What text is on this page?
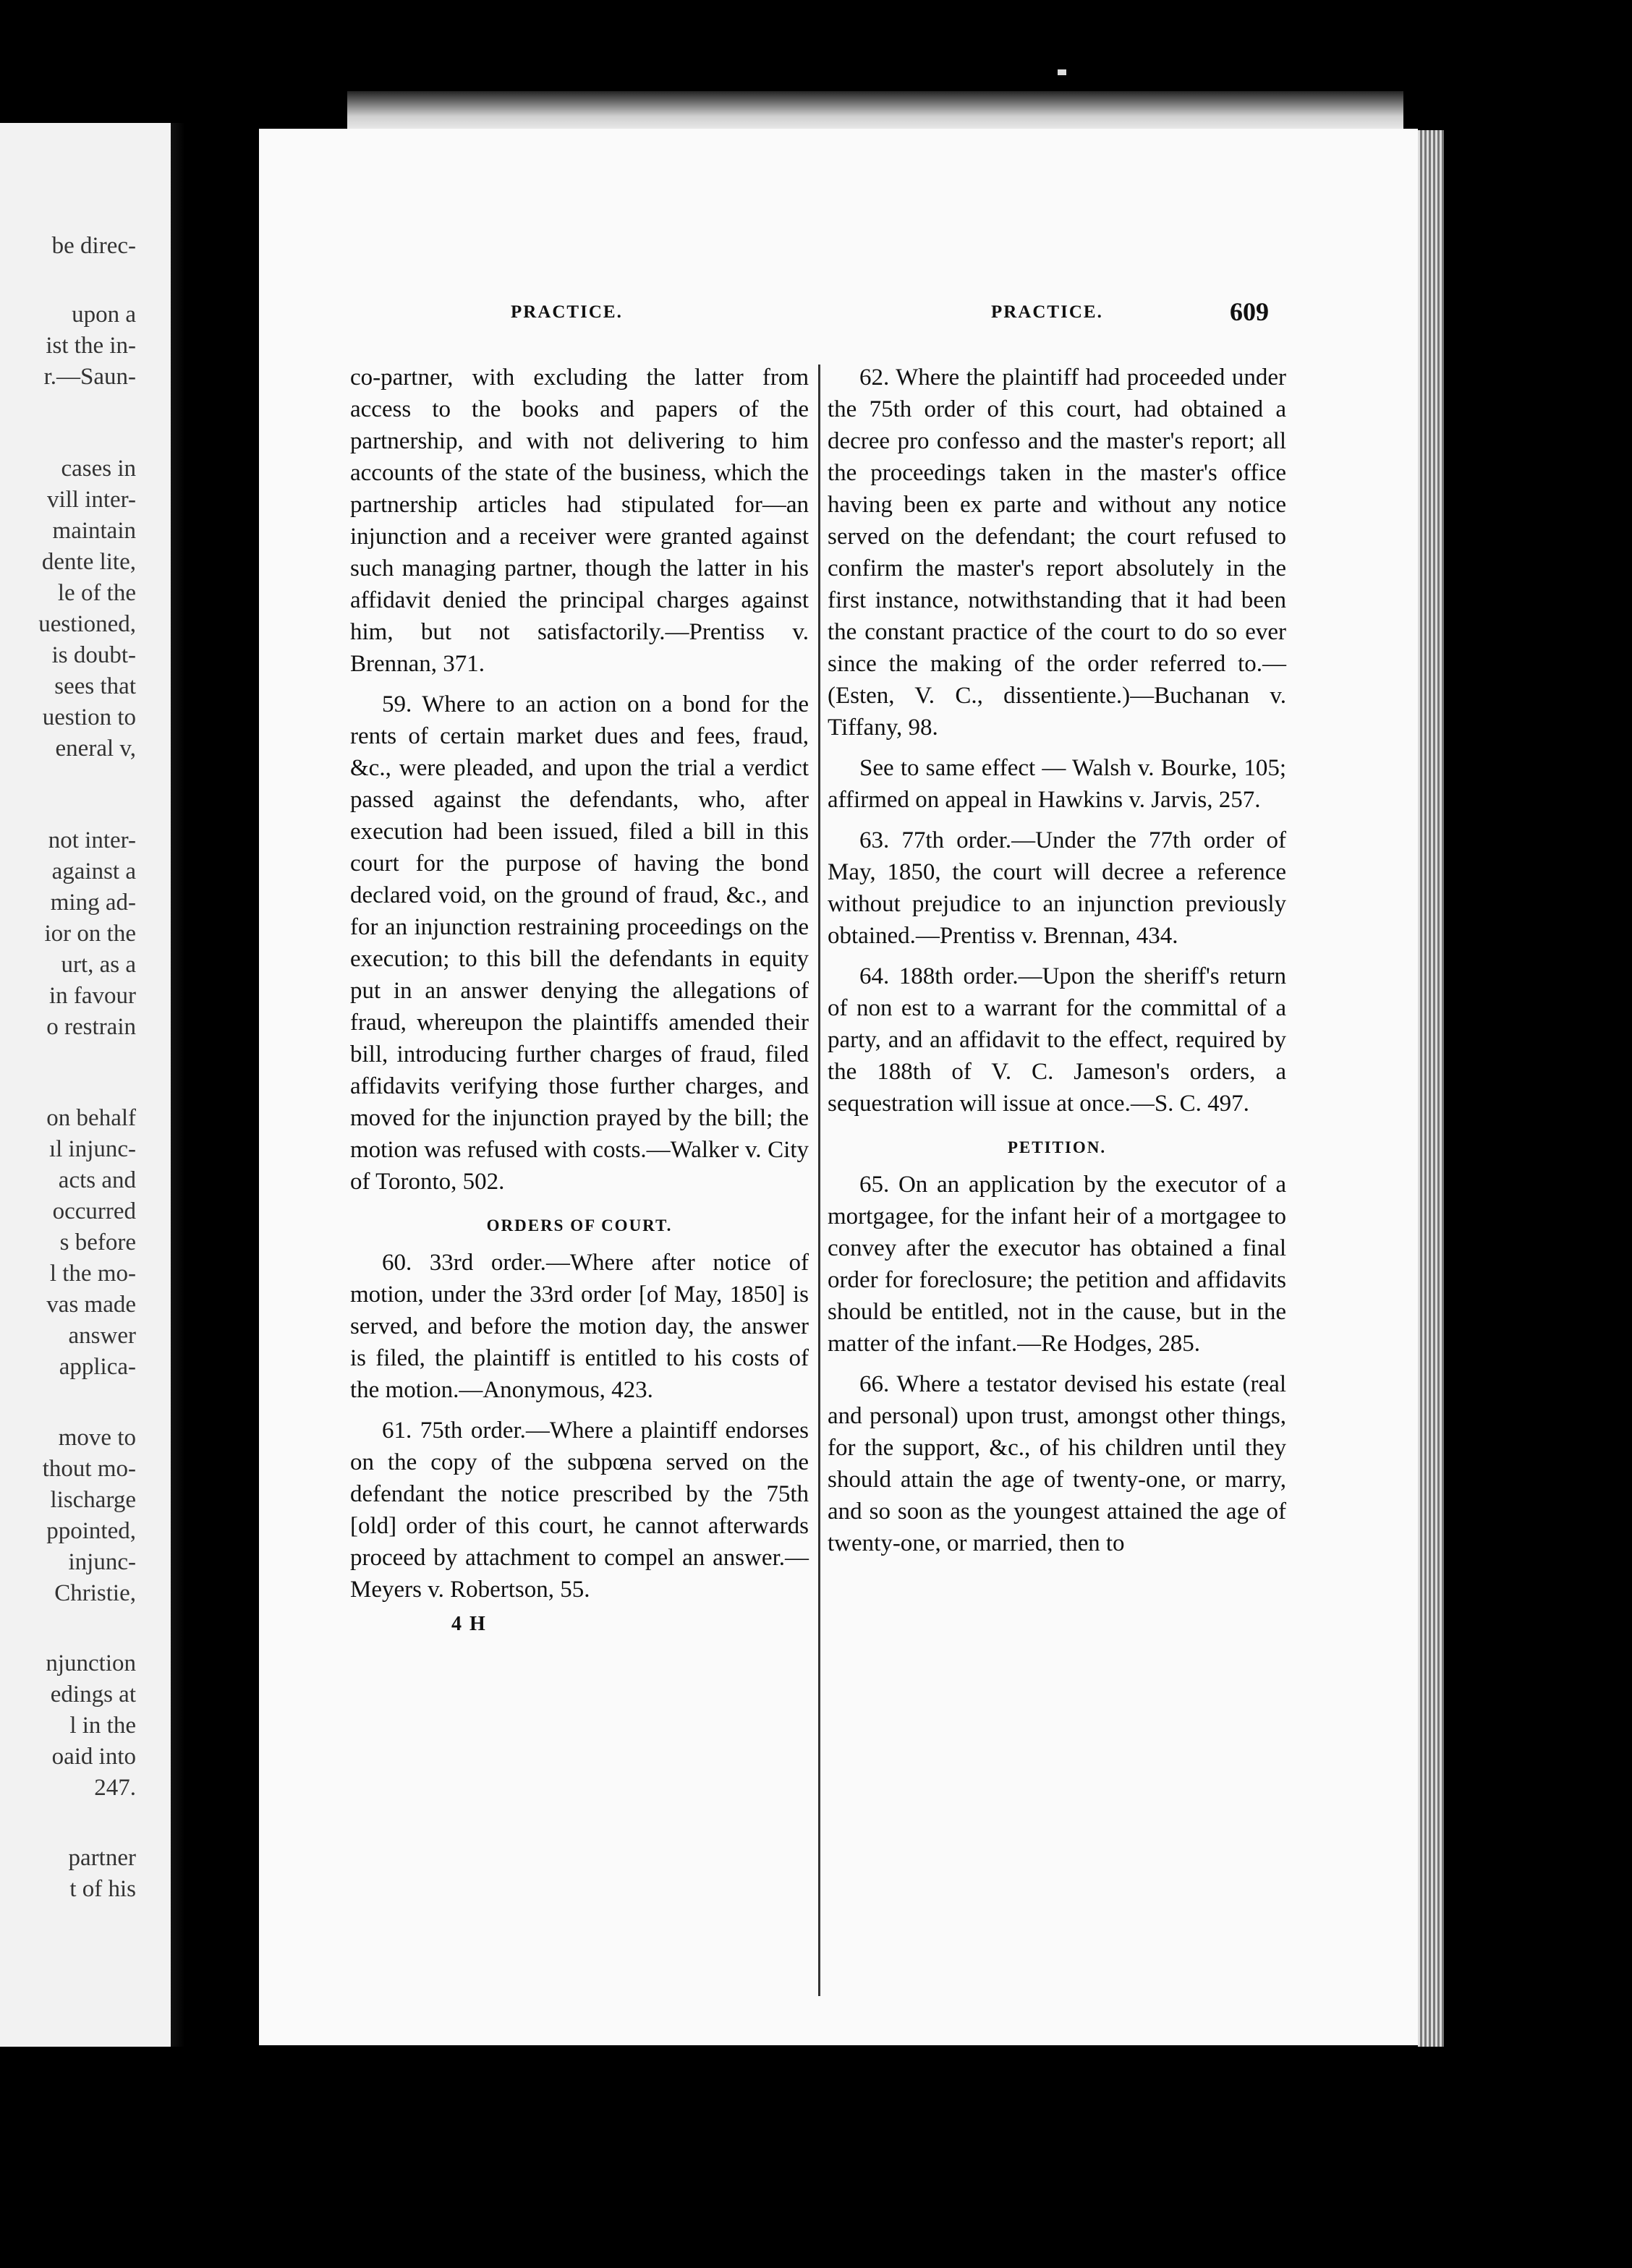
be direc-
upon a
ist the in-
r.—Saun-
cases in
vill inter-
maintain
dente lite,
le of the
uestioned,
is doubt-
sees that
uestion to
eneral v,
not inter-
against a
ming ad-
ior on the
urt, as a
in favour
o restrain
on behalf
ıl injunc-
acts and
occurred
s before
l the mo-
vas made
answer
applica-
move to
thout mo-
lischarge
ppointed,
injunc-
Christie,
njunction
edings at
l in the
oaid into
247.
partner
t of his
PRACTICE.	PRACTICE.	609

co-partner, with excluding the latter from access to the books and papers of the partnership, and with not delivering to him accounts of the state of the business, which the partnership articles had stipulated for—an injunction and a receiver were granted against such managing partner, though the latter in his affidavit denied the principal charges against him, but not satisfactorily.—Prentiss v. Brennan, 371.

59. Where to an action on a bond for the rents of certain market dues and fees, fraud, &c., were pleaded, and upon the trial a verdict passed against the defendants, who, after execution had been issued, filed a bill in this court for the purpose of having the bond declared void, on the ground of fraud, &c., and for an injunction restraining proceedings on the execution; to this bill the defendants in equity put in an answer denying the allegations of fraud, whereupon the plaintiffs amended their bill, introducing further charges of fraud, filed affidavits verifying those further charges, and moved for the injunction prayed by the bill; the motion was refused with costs.—Walker v. City of Toronto, 502.

ORDERS OF COURT.

60. 33rd order.—Where after notice of motion, under the 33rd order [of May, 1850] is served, and before the motion day, the answer is filed, the plaintiff is entitled to his costs of the motion.—Anonymous, 423.

61. 75th order.—Where a plaintiff endorses on the copy of the subpœna served on the defendant the notice prescribed by the 75th [old] order of this court, he cannot afterwards proceed by attachment to compel an answer.—Meyers v. Robertson, 55.

4 H

62. Where the plaintiff had proceeded under the 75th order of this court, had obtained a decree pro confesso and the master's report; all the proceedings taken in the master's office having been ex parte and without any notice served on the defendant; the court refused to confirm the master's report absolutely in the first instance, notwithstanding that it had been the constant practice of the court to do so ever since the making of the order referred to.—(Esten, V. C., dissentiente.)—Buchanan v. Tiffany, 98.

See to same effect — Walsh v. Bourke, 105; affirmed on appeal in Hawkins v. Jarvis, 257.

63. 77th order.—Under the 77th order of May, 1850, the court will decree a reference without prejudice to an injunction previously obtained.—Prentiss v. Brennan, 434.

64. 188th order.—Upon the sheriff's return of non est to a warrant for the committal of a party, and an affidavit to the effect, required by the 188th of V. C. Jameson's orders, a sequestration will issue at once.—S. C. 497.

PETITION.

65. On an application by the executor of a mortgagee, for the infant heir of a mortgagee to convey after the executor has obtained a final order for foreclosure; the petition and affidavits should be entitled, not in the cause, but in the matter of the infant.—Re Hodges, 285.

66. Where a testator devised his estate (real and personal) upon trust, amongst other things, for the support, &c., of his children until they should attain the age of twenty-one, or marry, and so soon as the youngest attained the age of twenty-one, or married, then to
